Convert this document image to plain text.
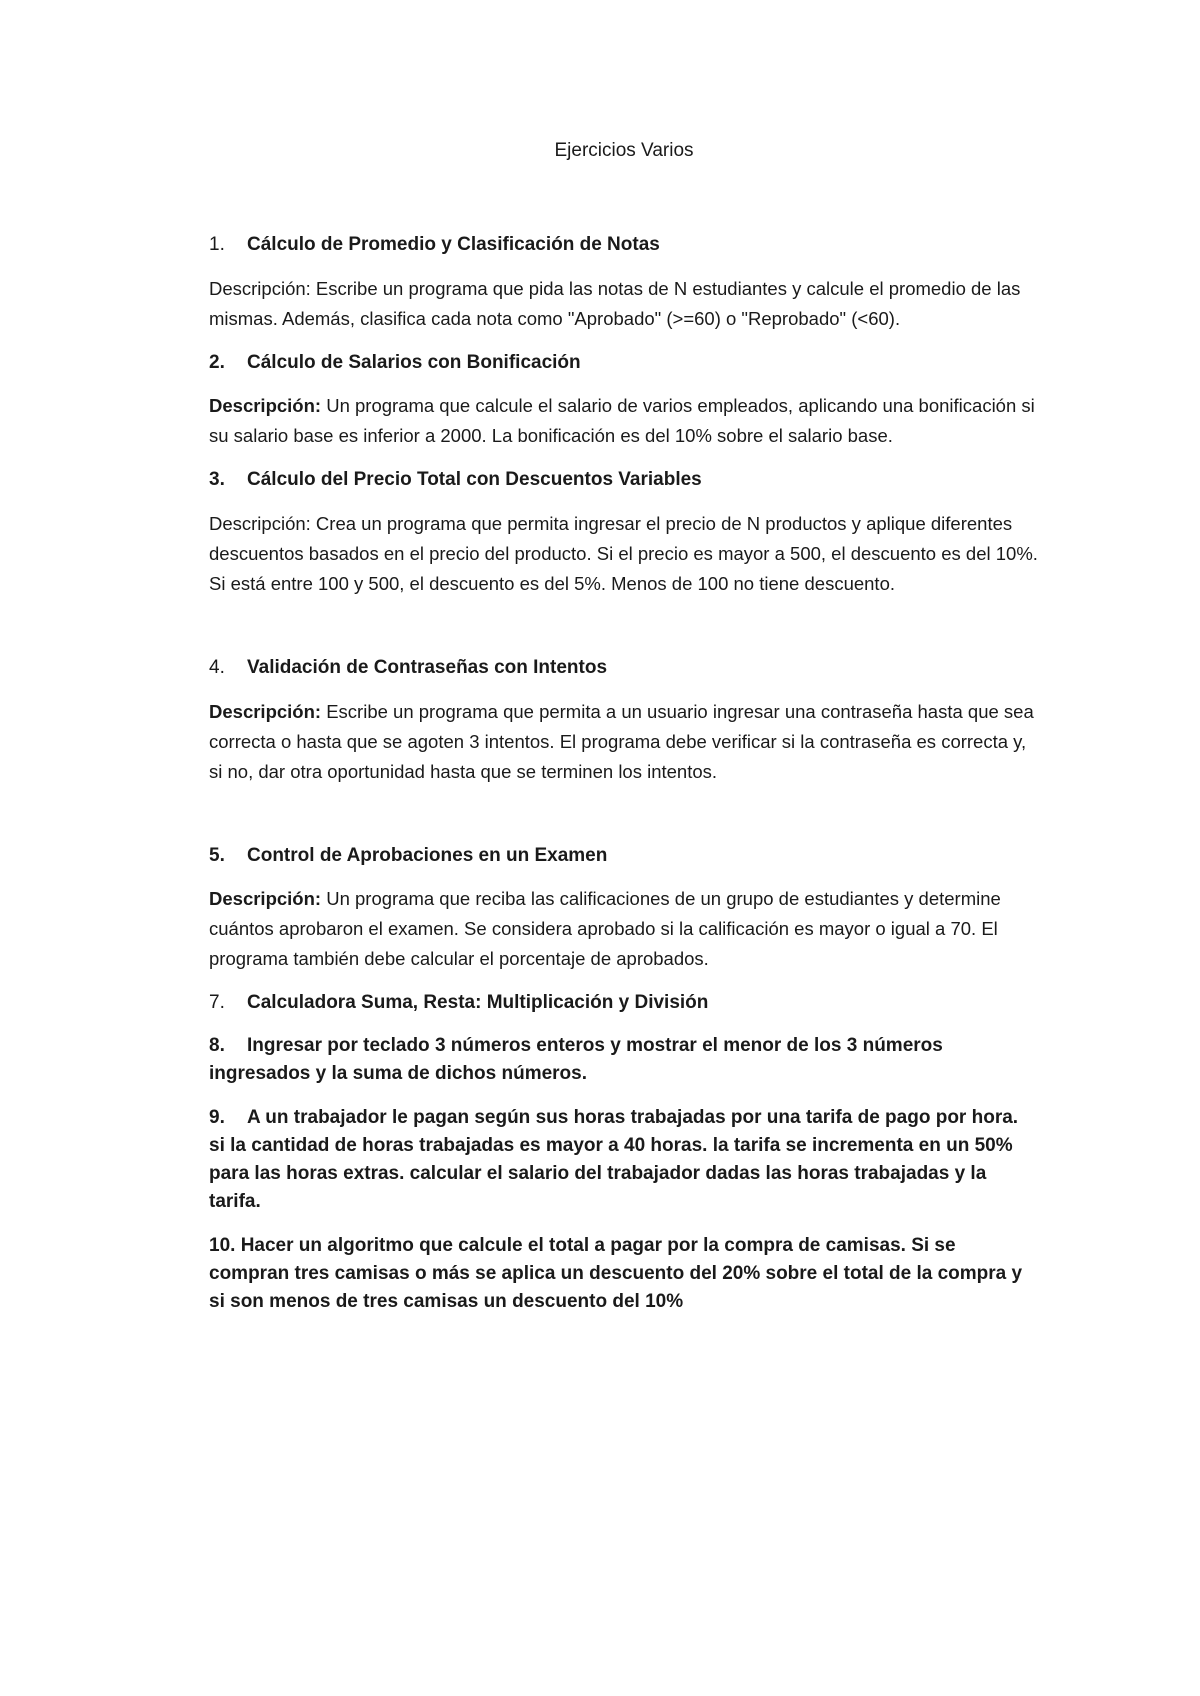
Ejercicios Varios
1. Cálculo de Promedio y Clasificación de Notas

Descripción: Escribe un programa que pida las notas de N estudiantes y calcule el promedio de las mismas. Además, clasifica cada nota como "Aprobado" (>=60) o "Reprobado" (<60).

2. Cálculo de Salarios con Bonificación

Descripción: Un programa que calcule el salario de varios empleados, aplicando una bonificación si su salario base es inferior a 2000. La bonificación es del 10% sobre el salario base.

3. Cálculo del Precio Total con Descuentos Variables

Descripción: Crea un programa que permita ingresar el precio de N productos y aplique diferentes descuentos basados en el precio del producto. Si el precio es mayor a 500, el descuento es del 10%. Si está entre 100 y 500, el descuento es del 5%. Menos de 100 no tiene descuento.

4. Validación de Contraseñas con Intentos

Descripción: Escribe un programa que permita a un usuario ingresar una contraseña hasta que sea correcta o hasta que se agoten 3 intentos. El programa debe verificar si la contraseña es correcta y, si no, dar otra oportunidad hasta que se terminen los intentos.

5. Control de Aprobaciones en un Examen

Descripción: Un programa que reciba las calificaciones de un grupo de estudiantes y determine cuántos aprobaron el examen. Se considera aprobado si la calificación es mayor o igual a 70. El programa también debe calcular el porcentaje de aprobados.

7. Calculadora Suma, Resta: Multiplicación y División

8. Ingresar por teclado 3 números enteros y mostrar el menor de los 3 números ingresados y la suma de dichos números.

9. A un trabajador le pagan según sus horas trabajadas por una tarifa de pago por hora. si la cantidad de horas trabajadas es mayor a 40 horas. la tarifa se incrementa en un 50% para las horas extras. calcular el salario del trabajador dadas las horas trabajadas y la tarifa.

10. Hacer un algoritmo que calcule el total a pagar por la compra de camisas. Si se compran tres camisas o más se aplica un descuento del 20% sobre el total de la compra y si son menos de tres camisas un descuento del 10%
